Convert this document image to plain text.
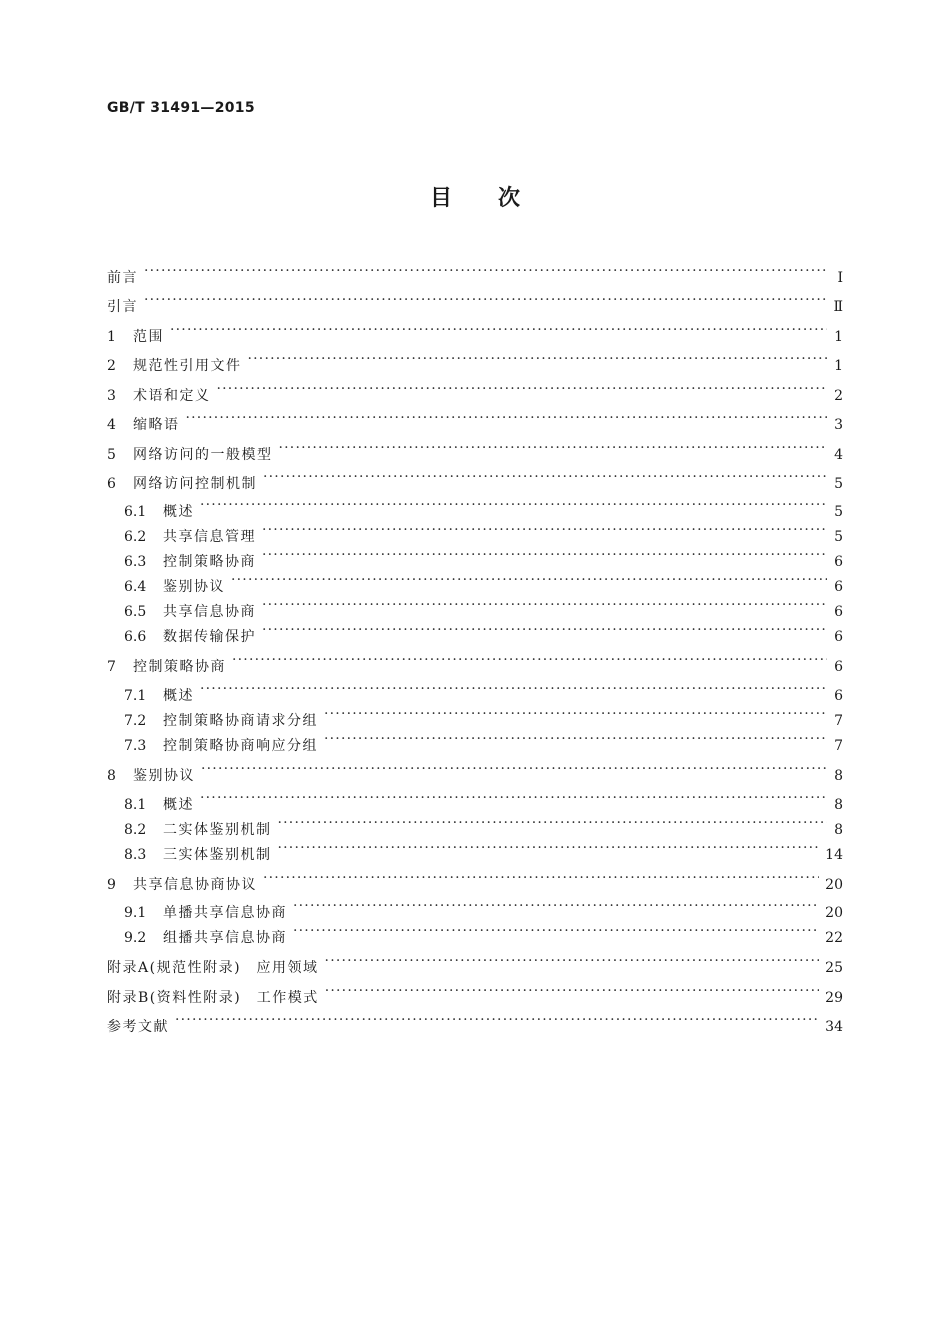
GB/T 31491—2015
目次
前言 ·····	Ⅰ
引言 ·····	Ⅱ
1	范围 ·····	1
2	规范性引用文件 ·····	1
3	术语和定义 ·····	2
4	缩略语 ·····	3
5	网络访问的一般模型 ·····	4
6	网络访问控制机制 ·····	5
6.1	概述 ·····	5
6.2	共享信息管理 ·····	5
6.3	控制策略协商 ·····	6
6.4	鉴别协议 ·····	6
6.5	共享信息协商 ·····	6
6.6	数据传输保护 ·····	6
7	控制策略协商 ·····	6
7.1	概述 ·····	6
7.2	控制策略协商请求分组 ·····	7
7.3	控制策略协商响应分组 ·····	7
8	鉴别协议 ·····	8
8.1	概述 ·····	8
8.2	二实体鉴别机制 ·····	8
8.3	三实体鉴别机制 ·····	14
9	共享信息协商协议 ·····	20
9.1	单播共享信息协商 ·····	20
9.2	组播共享信息协商 ·····	22
附录A(规范性附录)　应用领域 ·····	25
附录B(资料性附录)　工作模式 ·····	29
参考文献 ·····	34
